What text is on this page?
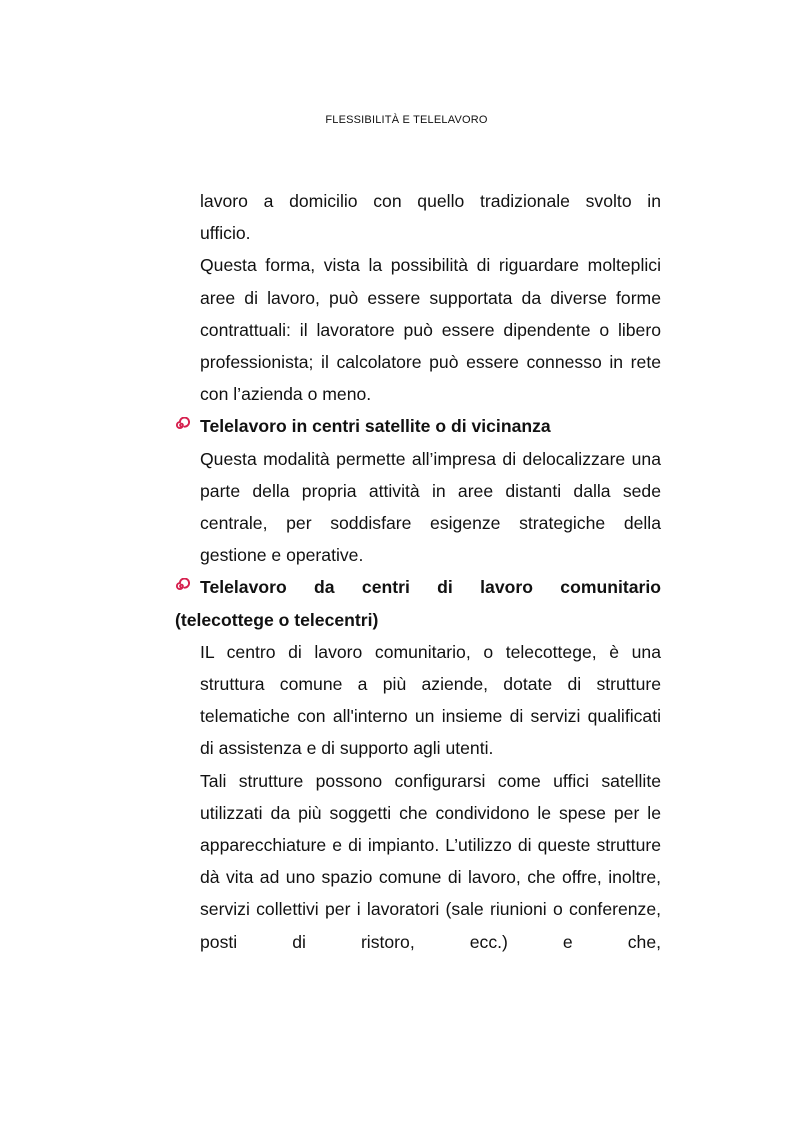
FLESSIBILITÀ E TELELAVORO

lavoro a domicilio con quello tradizionale svolto in

ufficio.

Questa forma, vista la possibilità di riguardare molteplici aree di lavoro, può essere supportata da diverse forme contrattuali: il lavoratore può essere dipendente o libero professionista; il calcolatore può essere connesso in rete con l’azienda o meno.

Telelavoro in centri satellite o di vicinanza

Questa modalità permette all’impresa di delocalizzare una parte della propria attività in aree distanti dalla sede centrale, per soddisfare esigenze strategiche della gestione e operative.

Telelavoro da centri di lavoro comunitario
(telecottege o telecentri)

IL centro di lavoro comunitario, o telecottege, è una struttura comune a più aziende, dotate di strutture telematiche con all'interno un insieme di servizi qualificati di assistenza e di supporto agli utenti.

Tali strutture possono configurarsi come uffici satellite utilizzati da più soggetti che condividono le spese per le apparecchiature e di impianto. L’utilizzo di queste strutture dà vita ad uno spazio comune di lavoro, che offre, inoltre, servizi collettivi per i lavoratori (sale riunioni o conferenze, posti di ristoro, ecc.) e che,
